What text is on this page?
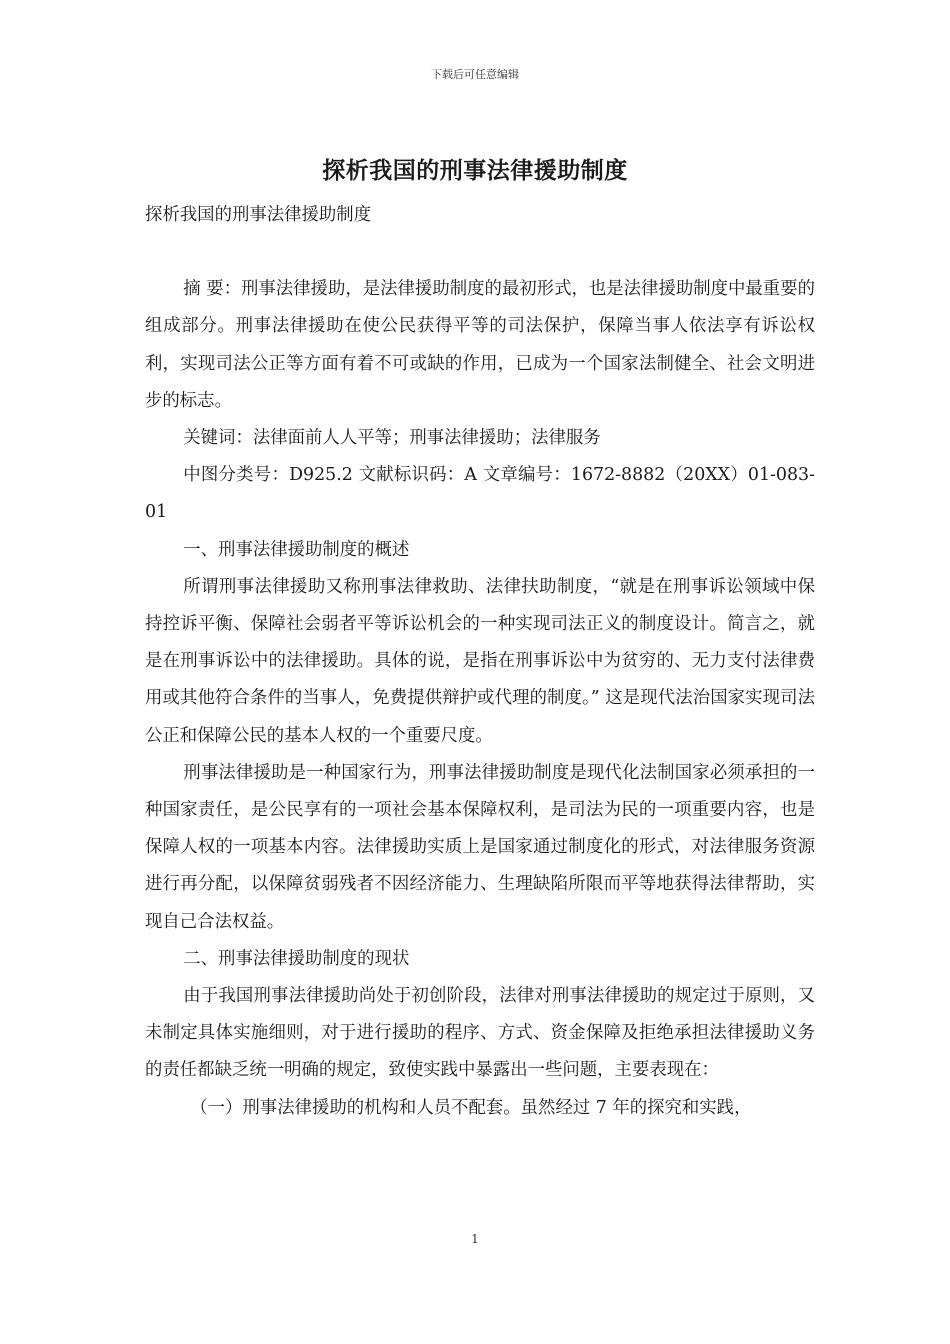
下载后可任意编辑
探析我国的刑事法律援助制度

探析我国的刑事法律援助制度

摘 要：刑事法律援助，是法律援助制度的最初形式，也是法律援助制度中最重要的组成部分。刑事法律援助在使公民获得平等的司法保护，保障当事人依法享有诉讼权利，实现司法公正等方面有着不可或缺的作用，已成为一个国家法制健全、社会文明进步的标志。

关键词：法律面前人人平等；刑事法律援助；法律服务

中图分类号：D925.2 文献标识码：A 文章编号：1672-8882（20XX）01-083-01

一、刑事法律援助制度的概述

所谓刑事法律援助又称刑事法律救助、法律扶助制度，“就是在刑事诉讼领域中保持控诉平衡、保障社会弱者平等诉讼机会的一种实现司法正义的制度设计。简言之，就是在刑事诉讼中的法律援助。具体的说，是指在刑事诉讼中为贫穷的、无力支付法律费用或其他符合条件的当事人，免费提供辩护或代理的制度。” 这是现代法治国家实现司法公正和保障公民的基本人权的一个重要尺度。

刑事法律援助是一种国家行为，刑事法律援助制度是现代化法制国家必须承担的一种国家责任，是公民享有的一项社会基本保障权利，是司法为民的一项重要内容，也是保障人权的一项基本内容。法律援助实质上是国家通过制度化的形式，对法律服务资源进行再分配，以保障贫弱残者不因经济能力、生理缺陷所限而平等地获得法律帮助，实现自己合法权益。

二、刑事法律援助制度的现状

由于我国刑事法律援助尚处于初创阶段，法律对刑事法律援助的规定过于原则，又未制定具体实施细则，对于进行援助的程序、方式、资金保障及拒绝承担法律援助义务的责任都缺乏统一明确的规定，致使实践中暴露出一些问题，主要表现在：

（一）刑事法律援助的机构和人员不配套。虽然经过 7 年的探究和实践，

1
